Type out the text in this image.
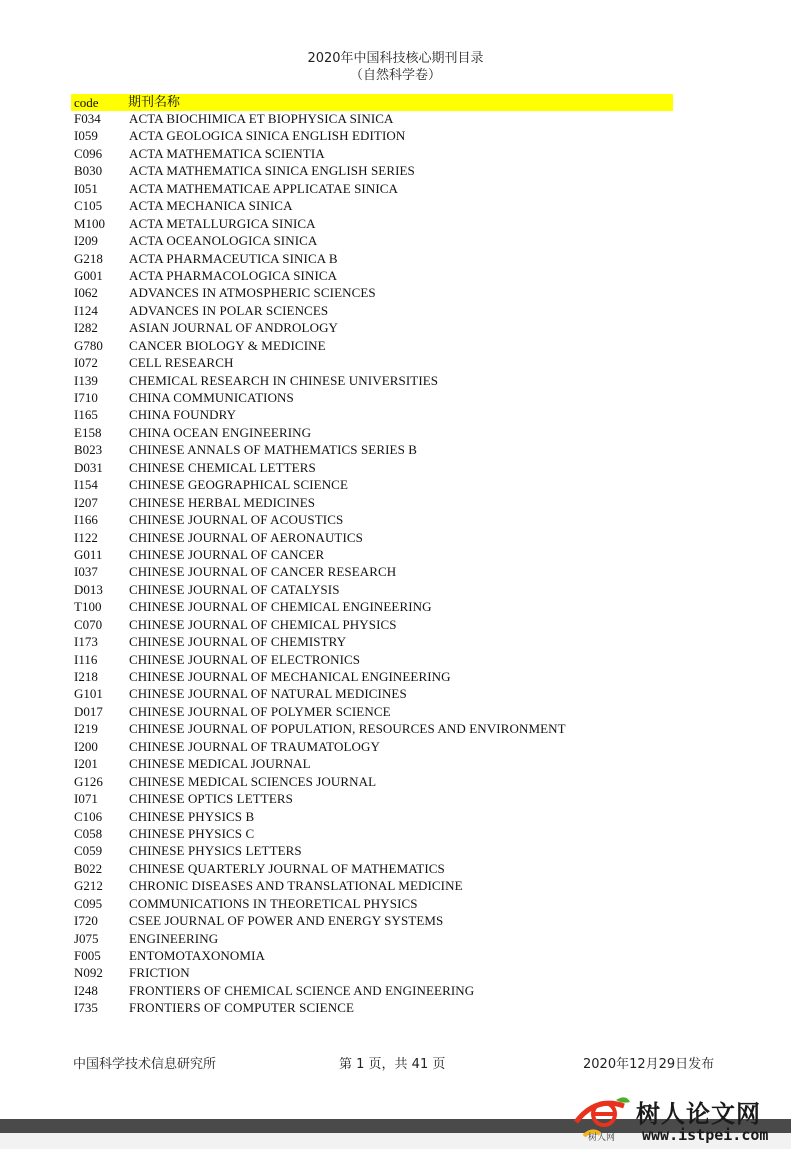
2020年中国科技核心期刊目录
（自然科学卷）
code 期刊名称
F034 ACTA BIOCHIMICA ET BIOPHYSICA SINICA
I059 ACTA GEOLOGICA SINICA ENGLISH EDITION
C096 ACTA MATHEMATICA SCIENTIA
B030 ACTA MATHEMATICA SINICA ENGLISH SERIES
I051 ACTA MATHEMATICAE APPLICATAE SINICA
C105 ACTA MECHANICA SINICA
M100 ACTA METALLURGICA SINICA
I209 ACTA OCEANOLOGICA SINICA
G218 ACTA PHARMACEUTICA SINICA B
G001 ACTA PHARMACOLOGICA SINICA
I062 ADVANCES IN ATMOSPHERIC SCIENCES
I124 ADVANCES IN POLAR SCIENCES
I282 ASIAN JOURNAL OF ANDROLOGY
G780 CANCER BIOLOGY & MEDICINE
I072 CELL RESEARCH
I139 CHEMICAL RESEARCH IN CHINESE UNIVERSITIES
I710 CHINA COMMUNICATIONS
I165 CHINA FOUNDRY
E158 CHINA OCEAN ENGINEERING
B023 CHINESE ANNALS OF MATHEMATICS SERIES B
D031 CHINESE CHEMICAL LETTERS
I154 CHINESE GEOGRAPHICAL SCIENCE
I207 CHINESE HERBAL MEDICINES
I166 CHINESE JOURNAL OF ACOUSTICS
I122 CHINESE JOURNAL OF AERONAUTICS
G011 CHINESE JOURNAL OF CANCER
I037 CHINESE JOURNAL OF CANCER RESEARCH
D013 CHINESE JOURNAL OF CATALYSIS
T100 CHINESE JOURNAL OF CHEMICAL ENGINEERING
C070 CHINESE JOURNAL OF CHEMICAL PHYSICS
I173 CHINESE JOURNAL OF CHEMISTRY
I116 CHINESE JOURNAL OF ELECTRONICS
I218 CHINESE JOURNAL OF MECHANICAL ENGINEERING
G101 CHINESE JOURNAL OF NATURAL MEDICINES
D017 CHINESE JOURNAL OF POLYMER SCIENCE
I219 CHINESE JOURNAL OF POPULATION, RESOURCES AND ENVIRONMENT
I200 CHINESE JOURNAL OF TRAUMATOLOGY
I201 CHINESE MEDICAL JOURNAL
G126 CHINESE MEDICAL SCIENCES JOURNAL
I071 CHINESE OPTICS LETTERS
C106 CHINESE PHYSICS B
C058 CHINESE PHYSICS C
C059 CHINESE PHYSICS LETTERS
B022 CHINESE QUARTERLY JOURNAL OF MATHEMATICS
G212 CHRONIC DISEASES AND TRANSLATIONAL MEDICINE
C095 COMMUNICATIONS IN THEORETICAL PHYSICS
I720 CSEE JOURNAL OF POWER AND ENERGY SYSTEMS
J075 ENGINEERING
F005 ENTOMOTAXONOMIA
N092 FRICTION
I248 FRONTIERS OF CHEMICAL SCIENCE AND ENGINEERING
I735 FRONTIERS OF COMPUTER SCIENCE
中国科学技术信息研究所	第 1 页，共 41 页	2020年12月29日发布
树人论文网
www.istpei.com
树人网
